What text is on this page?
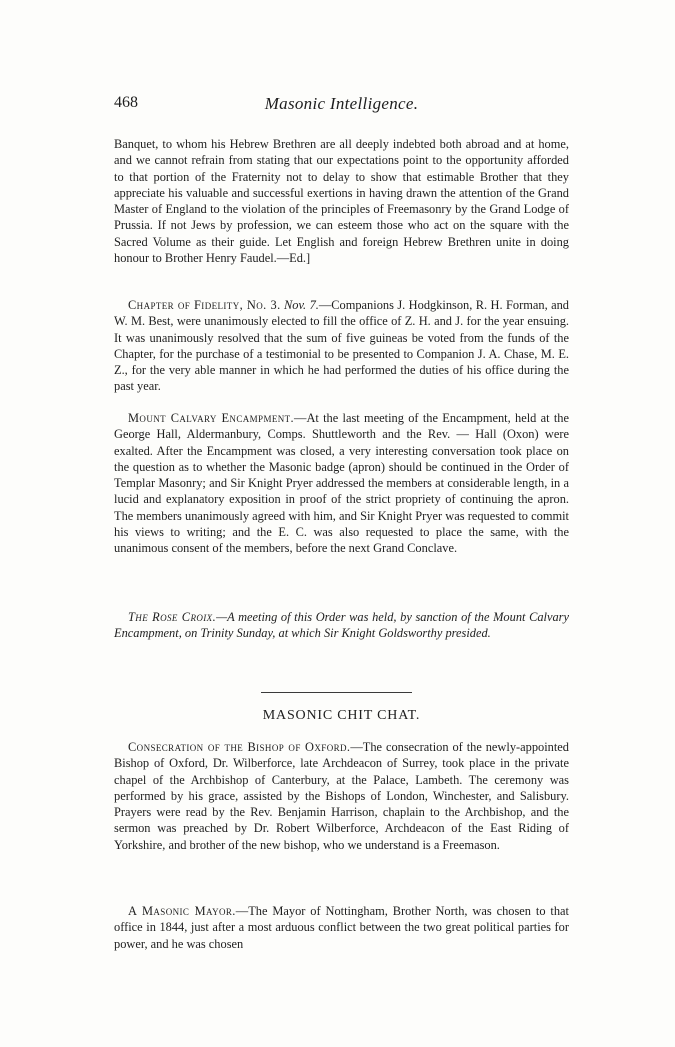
468	Masonic Intelligence.

Banquet, to whom his Hebrew Brethren are all deeply indebted both abroad and at home, and we cannot refrain from stating that our expectations point to the opportunity afforded to that portion of the Fraternity not to delay to show that estimable Brother that they appreciate his valuable and successful exertions in having drawn the attention of the Grand Master of England to the violation of the principles of Freemasonry by the Grand Lodge of Prussia. If not Jews by profession, we can esteem those who act on the square with the Sacred Volume as their guide. Let English and foreign Hebrew Brethren unite in doing honour to Brother Henry Faudel.—Ed.]

Chapter of Fidelity, No. 3. Nov. 7.—Companions J. Hodgkinson, R. H. Forman, and W. M. Best, were unanimously elected to fill the office of Z. H. and J. for the year ensuing. It was unanimously resolved that the sum of five guineas be voted from the funds of the Chapter, for the purchase of a testimonial to be presented to Companion J. A. Chase, M. E. Z., for the very able manner in which he had performed the duties of his office during the past year.

Mount Calvary Encampment.—At the last meeting of the Encampment, held at the George Hall, Aldermanbury, Comps. Shuttleworth and the Rev. — Hall (Oxon) were exalted. After the Encampment was closed, a very interesting conversation took place on the question as to whether the Masonic badge (apron) should be continued in the Order of Templar Masonry; and Sir Knight Pryer addressed the members at considerable length, in a lucid and explanatory exposition in proof of the strict propriety of continuing the apron. The members unanimously agreed with him, and Sir Knight Pryer was requested to commit his views to writing; and the E. C. was also requested to place the same, with the unanimous consent of the members, before the next Grand Conclave.

The Rose Croix.—A meeting of this Order was held, by sanction of the Mount Calvary Encampment, on Trinity Sunday, at which Sir Knight Goldsworthy presided.

MASONIC CHIT CHAT.

Consecration of the Bishop of Oxford.—The consecration of the newly-appointed Bishop of Oxford, Dr. Wilberforce, late Archdeacon of Surrey, took place in the private chapel of the Archbishop of Canterbury, at the Palace, Lambeth. The ceremony was performed by his grace, assisted by the Bishops of London, Winchester, and Salisbury. Prayers were read by the Rev. Benjamin Harrison, chaplain to the Archbishop, and the sermon was preached by Dr. Robert Wilberforce, Archdeacon of the East Riding of Yorkshire, and brother of the new bishop, who we understand is a Freemason.

A Masonic Mayor.—The Mayor of Nottingham, Brother North, was chosen to that office in 1844, just after a most arduous conflict between the two great political parties for power, and he was chosen
